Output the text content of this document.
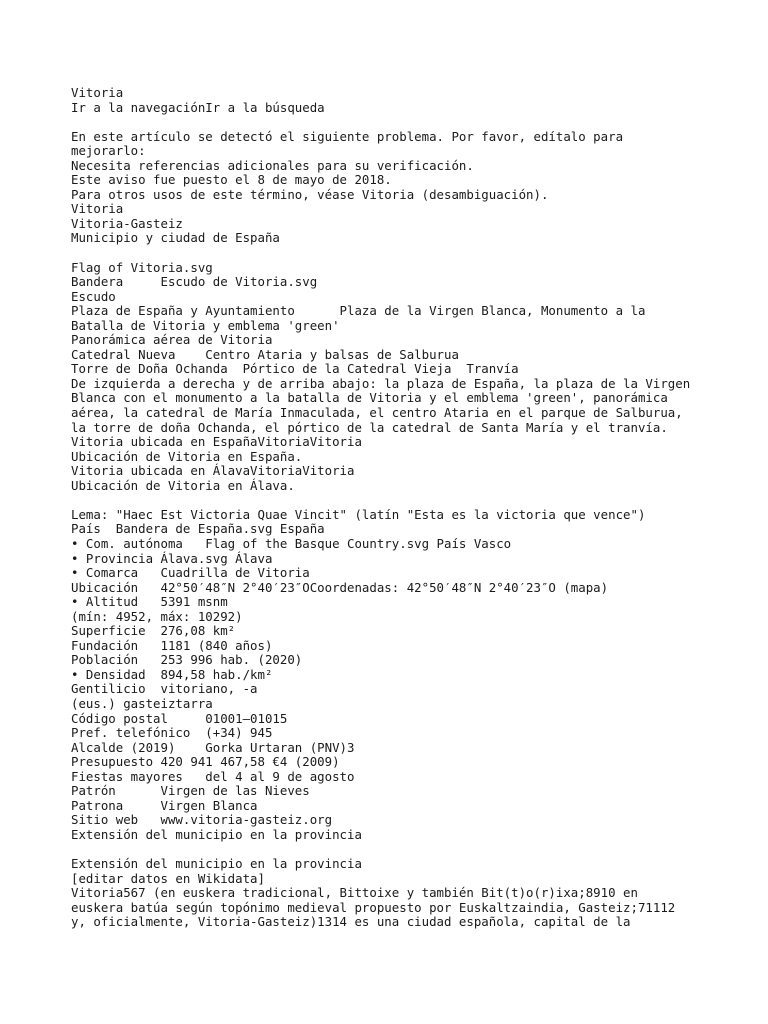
Vitoria
Ir a la navegaciónIr a la búsqueda
En este artículo se detectó el siguiente problema. Por favor, edítalo para
mejorarlo:
Necesita referencias adicionales para su verificación.
Este aviso fue puesto el 8 de mayo de 2018.
Para otros usos de este término, véase Vitoria (desambiguación).
Vitoria
Vitoria-Gasteiz
Municipio y ciudad de España
Flag of Vitoria.svg
Bandera     Escudo de Vitoria.svg
Escudo
Plaza de España y Ayuntamiento      Plaza de la Virgen Blanca, Monumento a la
Batalla de Vitoria y emblema 'green'
Panorámica aérea de Vitoria
Catedral Nueva    Centro Ataria y balsas de Salburua
Torre de Doña Ochanda  Pórtico de la Catedral Vieja  Tranvía
De izquierda a derecha y de arriba abajo: la plaza de España, la plaza de la Virgen
Blanca con el monumento a la batalla de Vitoria y el emblema 'green', panorámica
aérea, la catedral de María Inmaculada, el centro Ataria en el parque de Salburua,
la torre de doña Ochanda, el pórtico de la catedral de Santa María y el tranvía.
Vitoria ubicada en EspañaVitoriaVitoria
Ubicación de Vitoria en España.
Vitoria ubicada en ÁlavaVitoriaVitoria
Ubicación de Vitoria en Álava.
Lema: "Haec Est Victoria Quae Vincit" (latín "Esta es la victoria que vence")
País  Bandera de España.svg España
• Com. autónoma   Flag of the Basque Country.svg País Vasco
• Provincia Álava.svg Álava
• Comarca   Cuadrilla de Vitoria
Ubicación   42°50′48″N 2°40′23″OCoordenadas: 42°50′48″N 2°40′23″O (mapa)
• Altitud   5391 msnm
(mín: 4952, máx: 10292)
Superficie  276,08 km²
Fundación   1181 (840 años)
Población   253 996 hab. (2020)
• Densidad  894,58 hab./km²
Gentilicio  vitoriano, -a
(eus.) gasteiztarra
Código postal     01001–01015
Pref. telefónico  (+34) 945
Alcalde (2019)    Gorka Urtaran (PNV)3
Presupuesto 420 941 467,58 €4 (2009)
Fiestas mayores   del 4 al 9 de agosto
Patrón      Virgen de las Nieves
Patrona     Virgen Blanca
Sitio web   www.vitoria-gasteiz.org
Extensión del municipio en la provincia
Extensión del municipio en la provincia
[editar datos en Wikidata]
Vitoria567 (en euskera tradicional, Bittoixe y también Bit(t)o(r)ixa;8910 en
euskera batúa según topónimo medieval propuesto por Euskaltzaindia, Gasteiz;71112
y, oficialmente, Vitoria-Gasteiz)1314 es una ciudad española, capital de la
